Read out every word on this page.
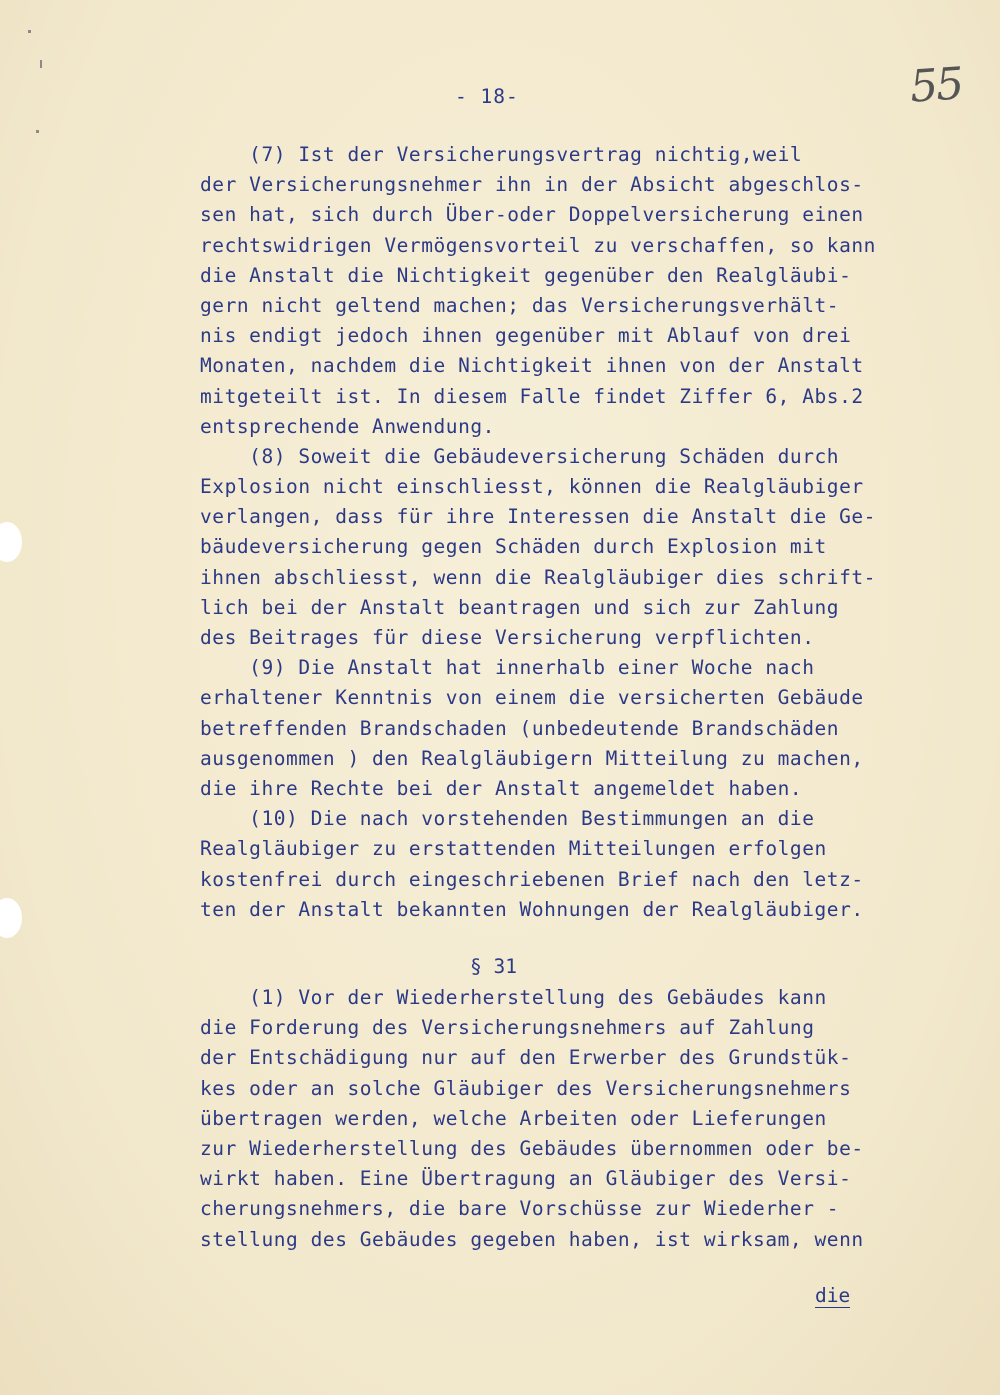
- 18-	55
(7) Ist der Versicherungsvertrag nichtig,weil
der Versicherungsnehmer ihn in der Absicht abgeschlos-
sen hat, sich durch Über-oder Doppelversicherung einen
rechtswidrigen Vermögensvorteil zu verschaffen, so kann
die Anstalt die Nichtigkeit gegenüber den Realgläubi-
gern nicht geltend machen; das Versicherungsverhält-
nis endigt jedoch ihnen gegenüber mit Ablauf von drei
Monaten, nachdem die Nichtigkeit ihnen von der Anstalt
mitgeteilt ist. In diesem Falle findet Ziffer 6, Abs.2
entsprechende Anwendung.
(8) Soweit die Gebäudeversicherung Schäden durch
Explosion nicht einschliesst, können die Realgläubiger
verlangen, dass für ihre Interessen die Anstalt die Ge-
bäudeversicherung gegen Schäden durch Explosion mit
ihnen abschliesst, wenn die Realgläubiger dies schrift-
lich bei der Anstalt beantragen und sich zur Zahlung
des Beitrages für diese Versicherung verpflichten.
(9) Die Anstalt hat innerhalb einer Woche nach
erhaltener Kenntnis von einem die versicherten Gebäude
betreffenden Brandschaden (unbedeutende Brandschäden
ausgenommen ) den Realgläubigern Mitteilung zu machen,
die ihre Rechte bei der Anstalt angemeldet haben.
(10) Die nach vorstehenden Bestimmungen an die
Realgläubiger zu erstattenden Mitteilungen erfolgen
kostenfrei durch eingeschriebenen Brief nach den letz-
ten der Anstalt bekannten Wohnungen der Realgläubiger.
§ 31
(1) Vor der Wiederherstellung des Gebäudes kann
die Forderung des Versicherungsnehmers auf Zahlung
der Entschädigung nur auf den Erwerber des Grundstük-
kes oder an solche Gläubiger des Versicherungsnehmers
übertragen werden, welche Arbeiten oder Lieferungen
zur Wiederherstellung des Gebäudes übernommen oder be-
wirkt haben. Eine Übertragung an Gläubiger des Versi-
cherungsnehmers, die bare Vorschüsse zur Wiederher -
stellung des Gebäudes gegeben haben, ist wirksam, wenn
die
